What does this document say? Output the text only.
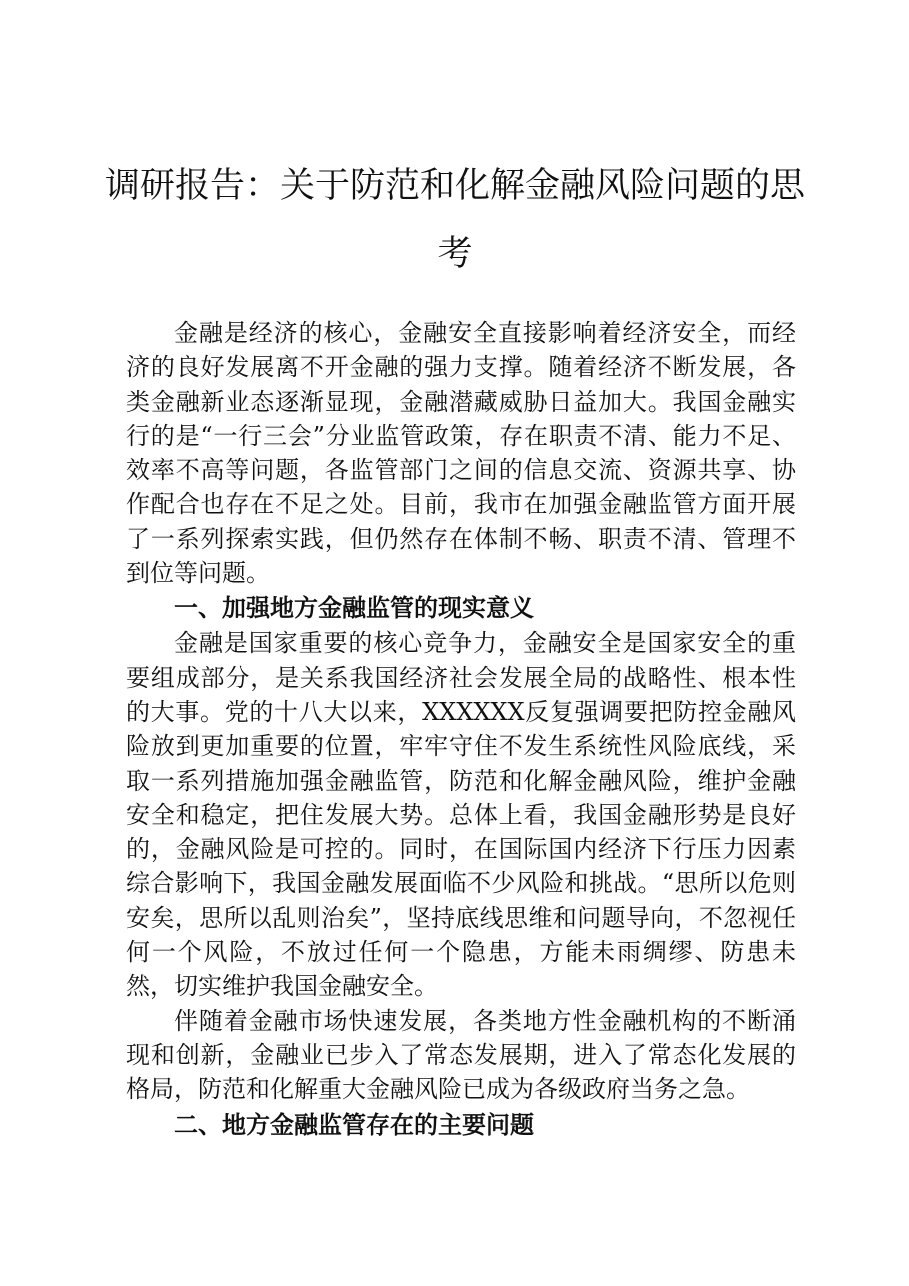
调研报告：关于防范和化解金融风险问题的思考

金融是经济的核心，金融安全直接影响着经济安全，而经济的良好发展离不开金融的强力支撑。随着经济不断发展，各类金融新业态逐渐显现，金融潜藏威胁日益加大。我国金融实行的是“一行三会”分业监管政策，存在职责不清、能力不足、效率不高等问题，各监管部门之间的信息交流、资源共享、协作配合也存在不足之处。目前，我市在加强金融监管方面开展了一系列探索实践，但仍然存在体制不畅、职责不清、管理不到位等问题。

一、加强地方金融监管的现实意义

金融是国家重要的核心竞争力，金融安全是国家安全的重要组成部分，是关系我国经济社会发展全局的战略性、根本性的大事。党的十八大以来，XXXXXX反复强调要把防控金融风险放到更加重要的位置，牢牢守住不发生系统性风险底线，采取一系列措施加强金融监管，防范和化解金融风险，维护金融安全和稳定，把住发展大势。总体上看，我国金融形势是良好的，金融风险是可控的。同时，在国际国内经济下行压力因素综合影响下，我国金融发展面临不少风险和挑战。“思所以危则安矣，思所以乱则治矣”，坚持底线思维和问题导向，不忽视任何一个风险，不放过任何一个隐患，方能未雨绸缪、防患未然，切实维护我国金融安全。

伴随着金融市场快速发展，各类地方性金融机构的不断涌现和创新，金融业已步入了常态发展期，进入了常态化发展的格局，防范和化解重大金融风险已成为各级政府当务之急。

二、地方金融监管存在的主要问题
